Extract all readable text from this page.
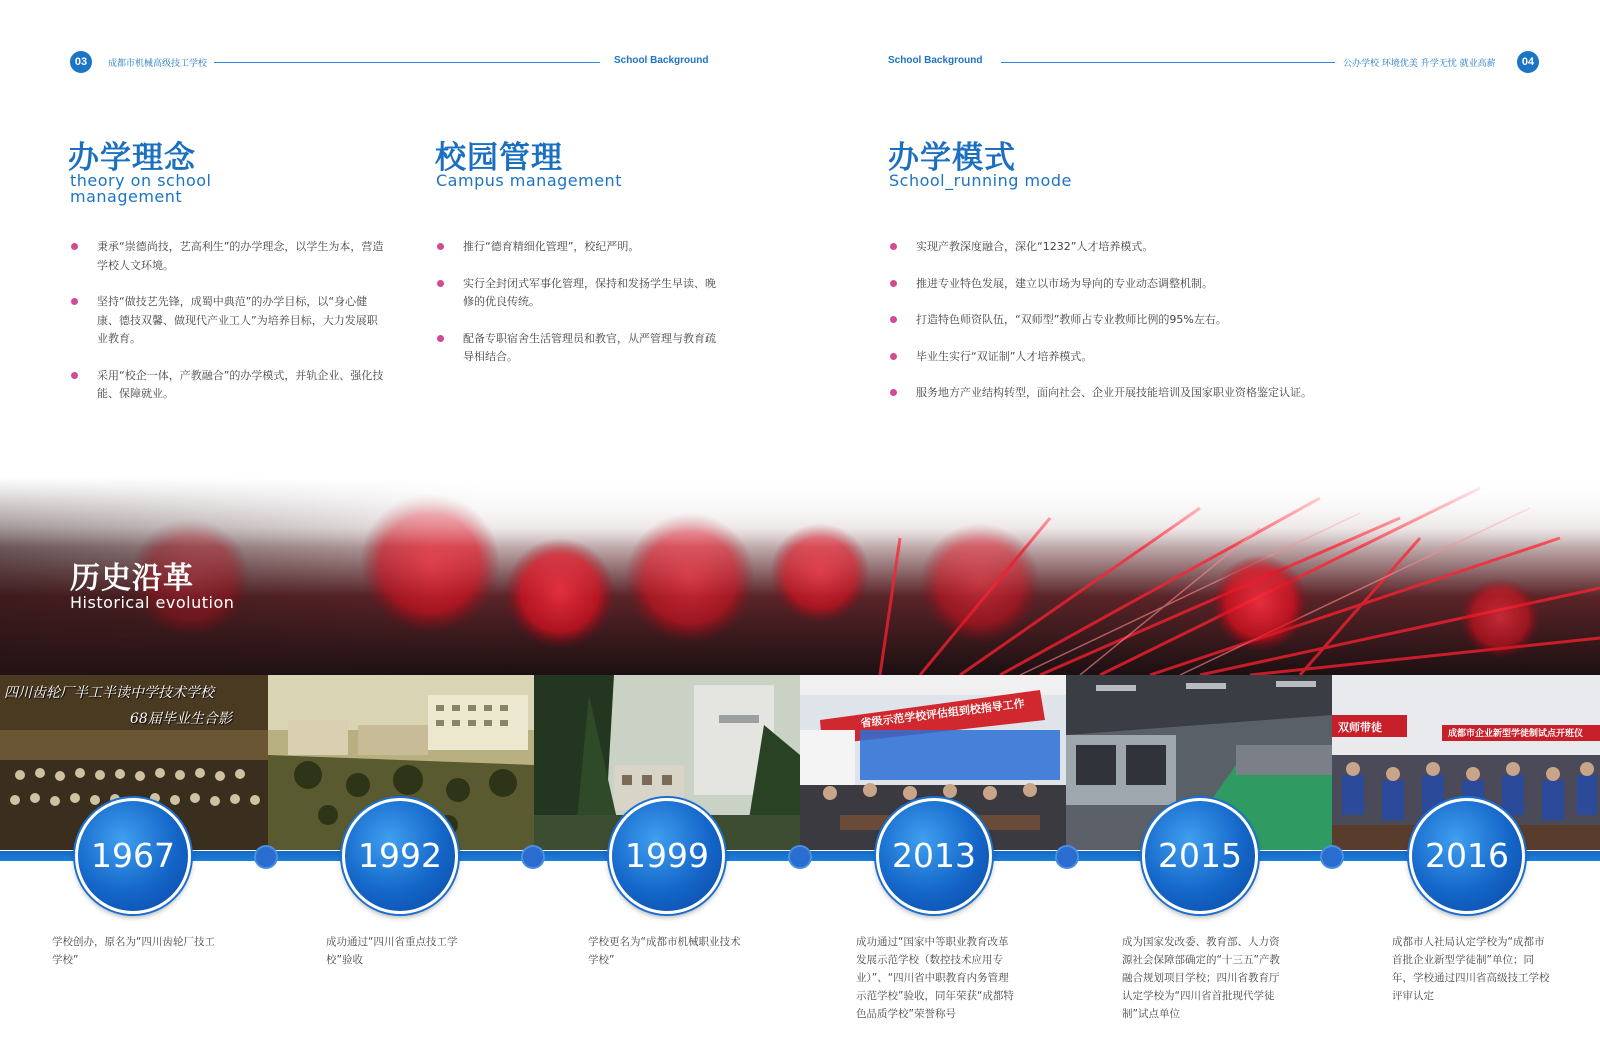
03	成都市机械高级技工学校	School Background	School Background	公办学校 环境优美 升学无忧 就业高薪	04
办学理念
theory on school management
秉承“崇德尚技，艺高利生”的办学理念，以学生为本，营造学校人文环境。
坚持“做技艺先锋，成蜀中典范”的办学目标，以“身心健康、德技双馨、做现代产业工人”为培养目标，大力发展职业教育。
采用“校企一体，产教融合”的办学模式，并轨企业、强化技能、保障就业。
校园管理
Campus management
推行“德育精细化管理”，校纪严明。
实行全封闭式军事化管理，保持和发扬学生早读、晚修的优良传统。
配备专职宿舍生活管理员和教官，从严管理与教育疏导相结合。
办学模式
School_running mode
实现产教深度融合，深化“1232”人才培养模式。
推进专业特色发展，建立以市场为导向的专业动态调整机制。
打造特色师资队伍，“双师型”教师占专业教师比例的95%左右。
毕业生实行“双证制”人才培养模式。
服务地方产业结构转型，面向社会、企业开展技能培训及国家职业资格鉴定认证。
历史沿革
Historical evolution
四川齿轮厂半工半读中学技术学校
68届毕业生合影	省级示范学校评估组到校指导工作	双师带徒	成都市企业新型学徒制试点开班仪
1967	1992	1999	2013	2015	2016
学校创办，原名为“四川齿轮厂技工学校”
成功通过“四川省重点技工学校”验收
学校更名为“成都市机械职业技术学校”
成功通过“国家中等职业教育改革发展示范学校（数控技术应用专业）”、“四川省中职教育内务管理示范学校”验收，同年荣获“成都特色品质学校”荣誉称号
成为国家发改委、教育部、人力资源社会保障部确定的“十三五”产教融合规划项目学校；四川省教育厅认定学校为“四川省首批现代学徒制”试点单位
成都市人社局认定学校为“成都市首批企业新型学徒制”单位；同年，学校通过四川省高级技工学校评审认定
